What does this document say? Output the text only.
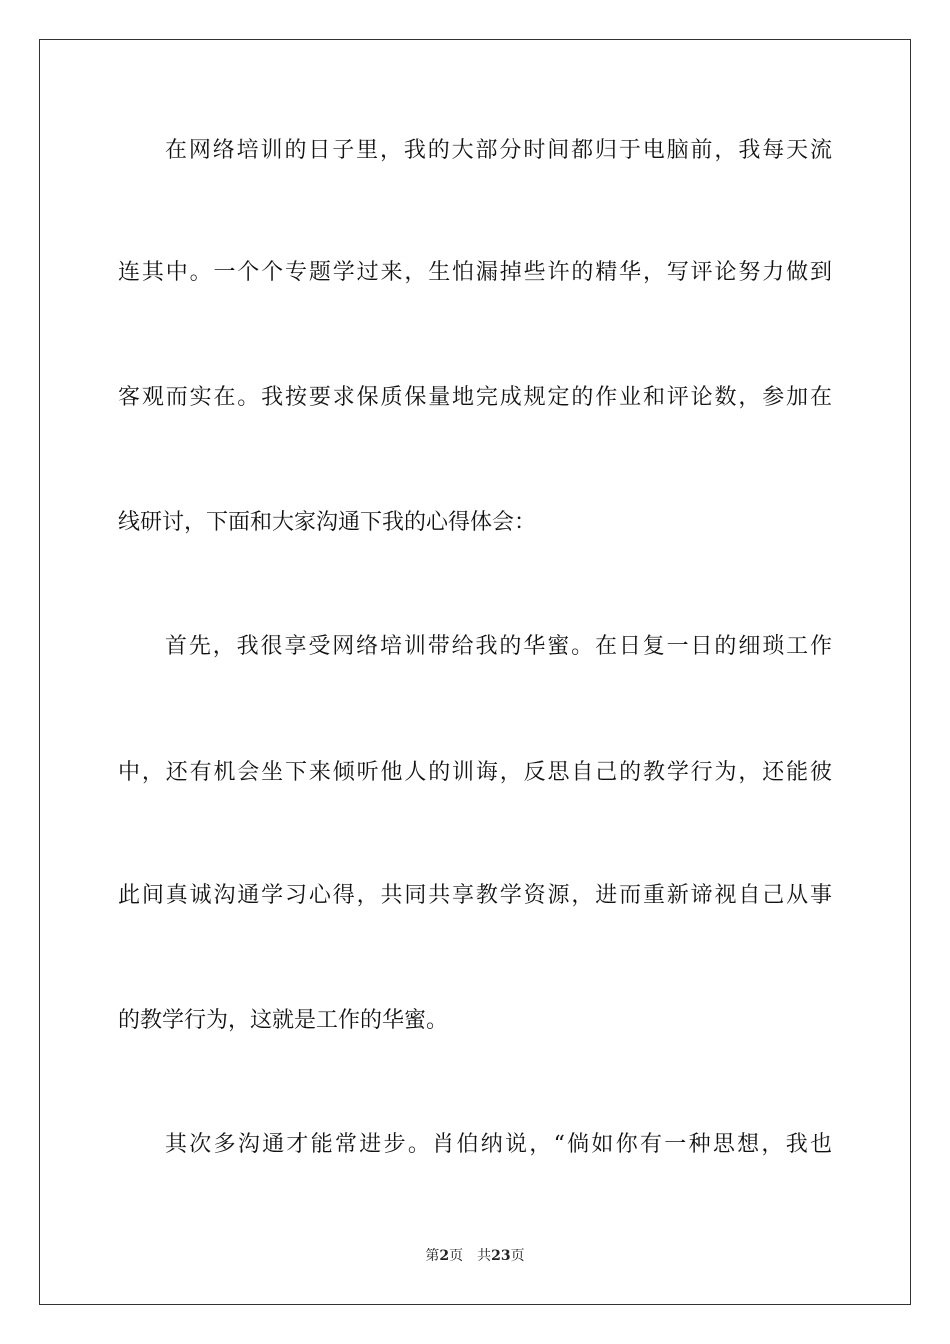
在网络培训的日子里，我的大部分时间都归于电脑前，我每天流
连其中。一个个专题学过来，生怕漏掉些许的精华，写评论努力做到
客观而实在。我按要求保质保量地完成规定的作业和评论数，参加在
线研讨，下面和大家沟通下我的心得体会：
首先，我很享受网络培训带给我的华蜜。在日复一日的细琐工作
中，还有机会坐下来倾听他人的训诲，反思自己的教学行为，还能彼
此间真诚沟通学习心得，共同共享教学资源，进而重新谛视自己从事
的教学行为，这就是工作的华蜜。
其次多沟通才能常进步。肖伯纳说，“倘如你有一种思想，我也
第2页 共23页
